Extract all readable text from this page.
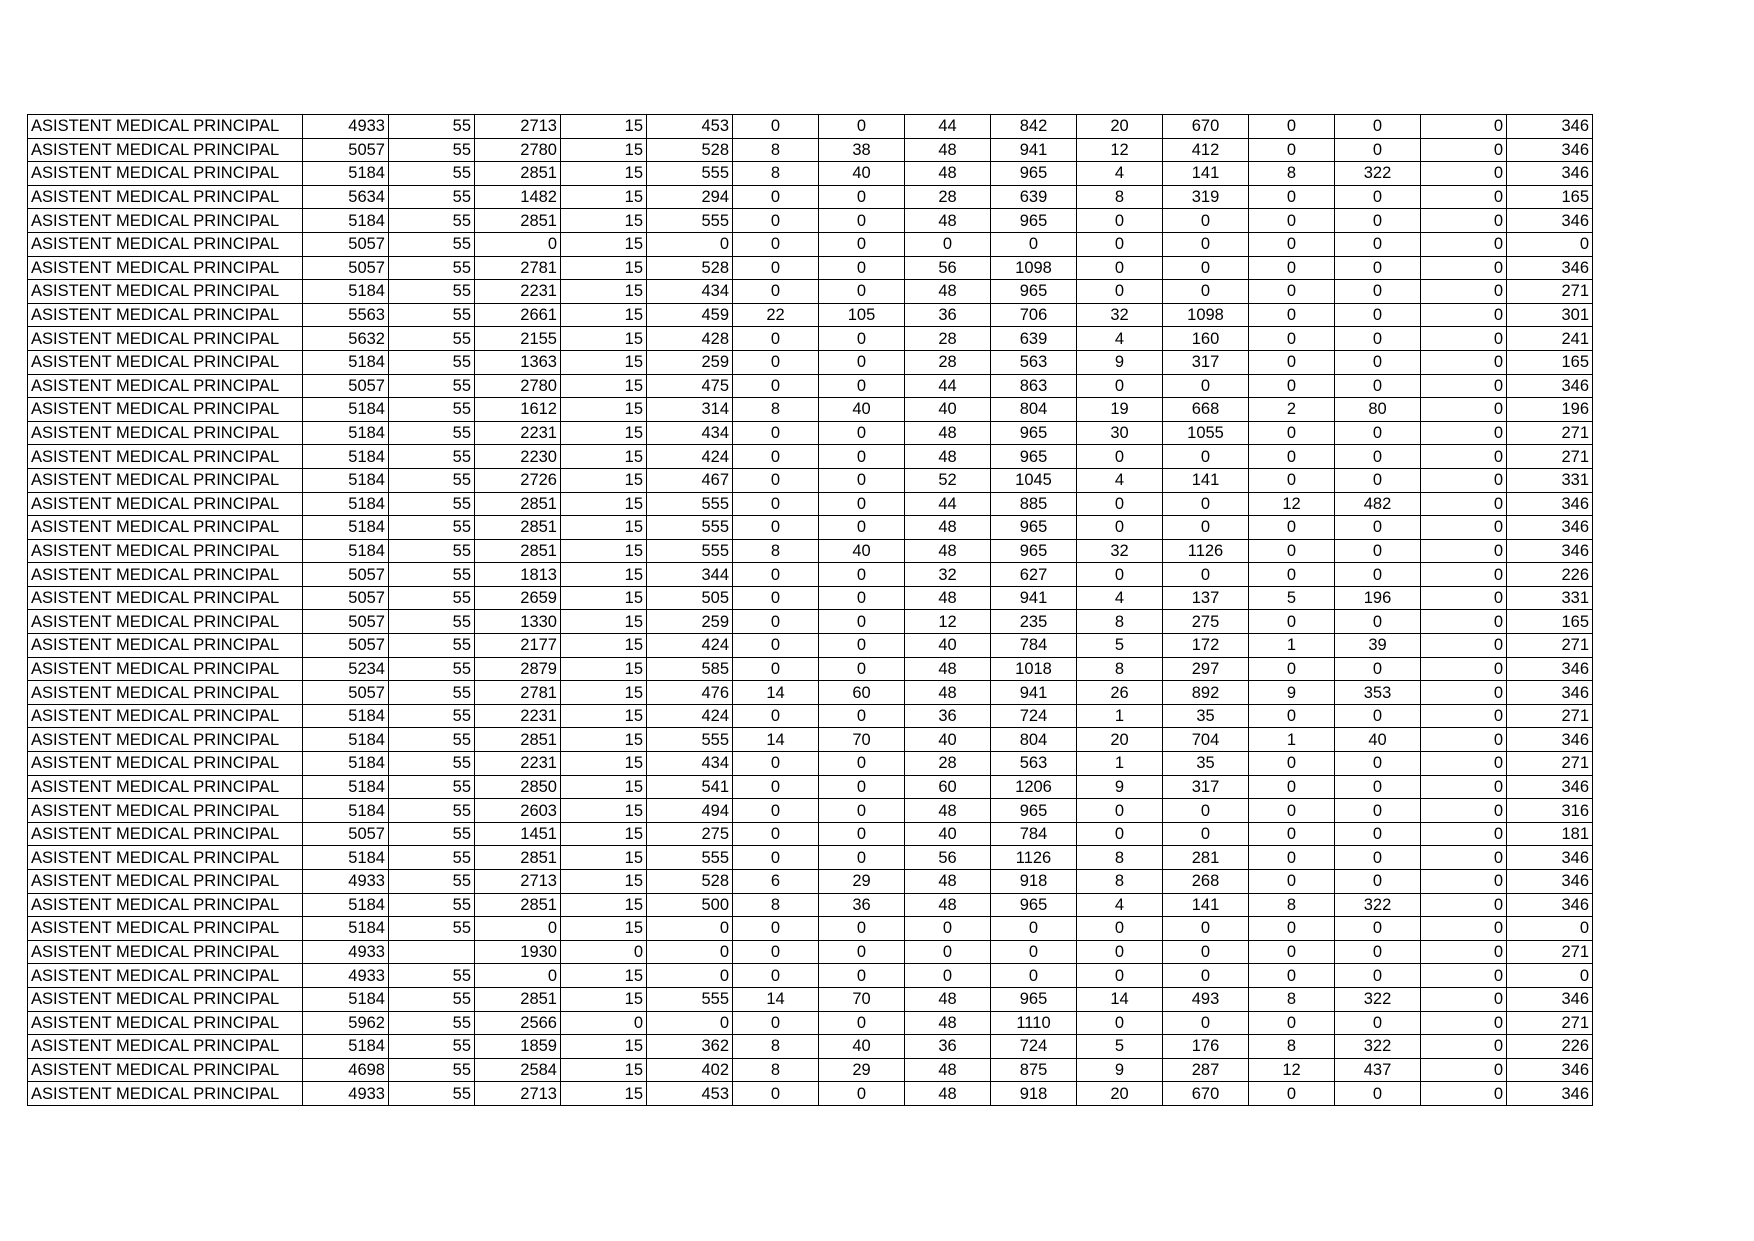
ASISTENT MEDICAL PRINCIPAL	4933	55	2713	15	453	0	0	44	842	20	670	0	0	0	346
ASISTENT MEDICAL PRINCIPAL	5057	55	2780	15	528	8	38	48	941	12	412	0	0	0	346
ASISTENT MEDICAL PRINCIPAL	5184	55	2851	15	555	8	40	48	965	4	141	8	322	0	346
ASISTENT MEDICAL PRINCIPAL	5634	55	1482	15	294	0	0	28	639	8	319	0	0	0	165
ASISTENT MEDICAL PRINCIPAL	5184	55	2851	15	555	0	0	48	965	0	0	0	0	0	346
ASISTENT MEDICAL PRINCIPAL	5057	55	0	15	0	0	0	0	0	0	0	0	0	0	0
ASISTENT MEDICAL PRINCIPAL	5057	55	2781	15	528	0	0	56	1098	0	0	0	0	0	346
ASISTENT MEDICAL PRINCIPAL	5184	55	2231	15	434	0	0	48	965	0	0	0	0	0	271
ASISTENT MEDICAL PRINCIPAL	5563	55	2661	15	459	22	105	36	706	32	1098	0	0	0	301
ASISTENT MEDICAL PRINCIPAL	5632	55	2155	15	428	0	0	28	639	4	160	0	0	0	241
ASISTENT MEDICAL PRINCIPAL	5184	55	1363	15	259	0	0	28	563	9	317	0	0	0	165
ASISTENT MEDICAL PRINCIPAL	5057	55	2780	15	475	0	0	44	863	0	0	0	0	0	346
ASISTENT MEDICAL PRINCIPAL	5184	55	1612	15	314	8	40	40	804	19	668	2	80	0	196
ASISTENT MEDICAL PRINCIPAL	5184	55	2231	15	434	0	0	48	965	30	1055	0	0	0	271
ASISTENT MEDICAL PRINCIPAL	5184	55	2230	15	424	0	0	48	965	0	0	0	0	0	271
ASISTENT MEDICAL PRINCIPAL	5184	55	2726	15	467	0	0	52	1045	4	141	0	0	0	331
ASISTENT MEDICAL PRINCIPAL	5184	55	2851	15	555	0	0	44	885	0	0	12	482	0	346
ASISTENT MEDICAL PRINCIPAL	5184	55	2851	15	555	0	0	48	965	0	0	0	0	0	346
ASISTENT MEDICAL PRINCIPAL	5184	55	2851	15	555	8	40	48	965	32	1126	0	0	0	346
ASISTENT MEDICAL PRINCIPAL	5057	55	1813	15	344	0	0	32	627	0	0	0	0	0	226
ASISTENT MEDICAL PRINCIPAL	5057	55	2659	15	505	0	0	48	941	4	137	5	196	0	331
ASISTENT MEDICAL PRINCIPAL	5057	55	1330	15	259	0	0	12	235	8	275	0	0	0	165
ASISTENT MEDICAL PRINCIPAL	5057	55	2177	15	424	0	0	40	784	5	172	1	39	0	271
ASISTENT MEDICAL PRINCIPAL	5234	55	2879	15	585	0	0	48	1018	8	297	0	0	0	346
ASISTENT MEDICAL PRINCIPAL	5057	55	2781	15	476	14	60	48	941	26	892	9	353	0	346
ASISTENT MEDICAL PRINCIPAL	5184	55	2231	15	424	0	0	36	724	1	35	0	0	0	271
ASISTENT MEDICAL PRINCIPAL	5184	55	2851	15	555	14	70	40	804	20	704	1	40	0	346
ASISTENT MEDICAL PRINCIPAL	5184	55	2231	15	434	0	0	28	563	1	35	0	0	0	271
ASISTENT MEDICAL PRINCIPAL	5184	55	2850	15	541	0	0	60	1206	9	317	0	0	0	346
ASISTENT MEDICAL PRINCIPAL	5184	55	2603	15	494	0	0	48	965	0	0	0	0	0	316
ASISTENT MEDICAL PRINCIPAL	5057	55	1451	15	275	0	0	40	784	0	0	0	0	0	181
ASISTENT MEDICAL PRINCIPAL	5184	55	2851	15	555	0	0	56	1126	8	281	0	0	0	346
ASISTENT MEDICAL PRINCIPAL	4933	55	2713	15	528	6	29	48	918	8	268	0	0	0	346
ASISTENT MEDICAL PRINCIPAL	5184	55	2851	15	500	8	36	48	965	4	141	8	322	0	346
ASISTENT MEDICAL PRINCIPAL	5184	55	0	15	0	0	0	0	0	0	0	0	0	0	0
ASISTENT MEDICAL PRINCIPAL	4933		1930	0	0	0	0	0	0	0	0	0	0	0	271
ASISTENT MEDICAL PRINCIPAL	4933	55	0	15	0	0	0	0	0	0	0	0	0	0	0
ASISTENT MEDICAL PRINCIPAL	5184	55	2851	15	555	14	70	48	965	14	493	8	322	0	346
ASISTENT MEDICAL PRINCIPAL	5962	55	2566	0	0	0	0	48	1110	0	0	0	0	0	271
ASISTENT MEDICAL PRINCIPAL	5184	55	1859	15	362	8	40	36	724	5	176	8	322	0	226
ASISTENT MEDICAL PRINCIPAL	4698	55	2584	15	402	8	29	48	875	9	287	12	437	0	346
ASISTENT MEDICAL PRINCIPAL	4933	55	2713	15	453	0	0	48	918	20	670	0	0	0	346
